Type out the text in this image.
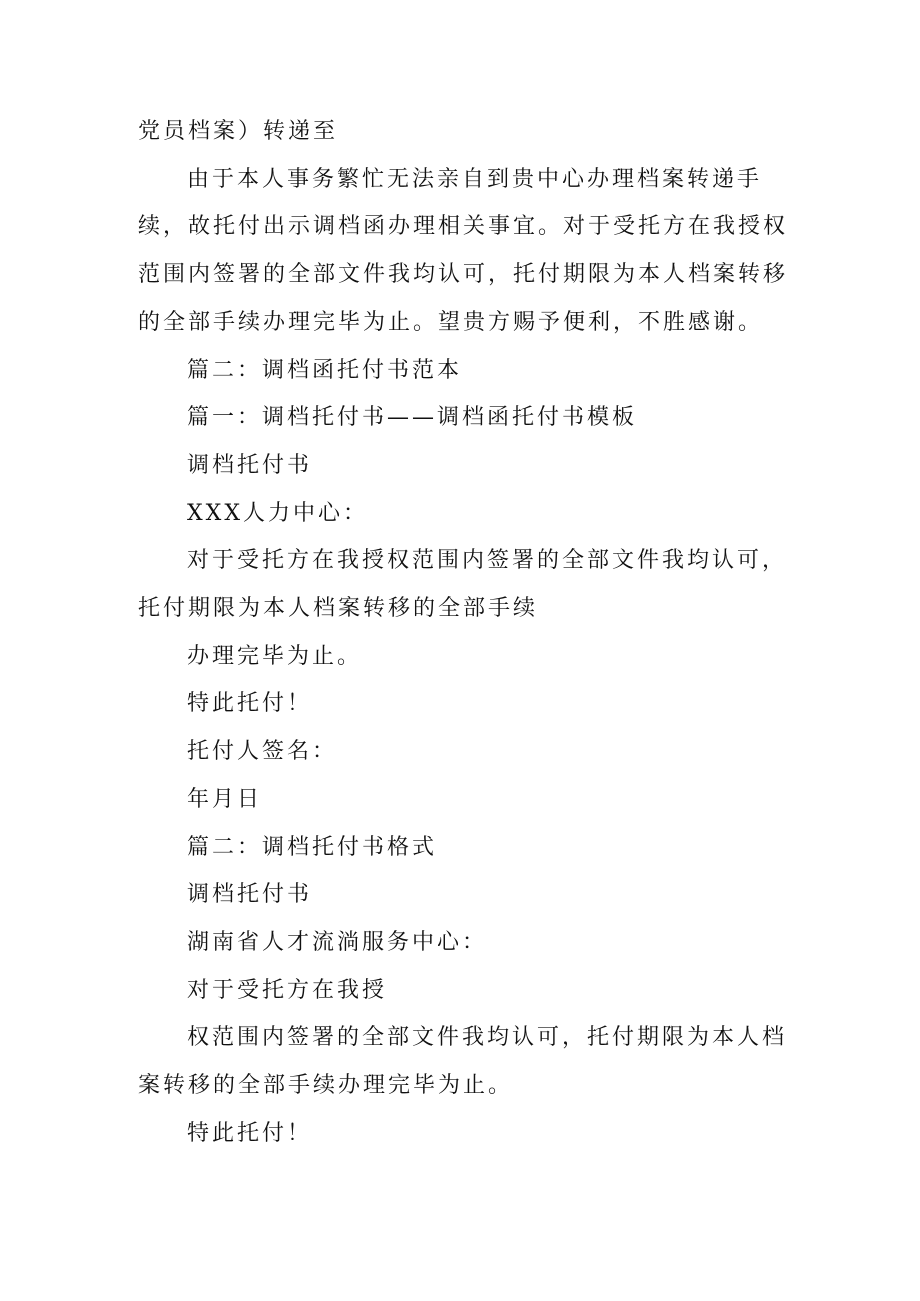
党员档案）转递至

由于本人事务繁忙无法亲自到贵中心办理档案转递手续，故托付出示调档函办理相关事宜。对于受托方在我授权范围内签署的全部文件我均认可，托付期限为本人档案转移的全部手续办理完毕为止。望贵方赐予便利，不胜感谢。

篇二：调档函托付书范本

篇一：调档托付书——调档函托付书模板

调档托付书

XXX人力中心：

对于受托方在我授权范围内签署的全部文件我均认可，托付期限为本人档案转移的全部手续

办理完毕为止。

特此托付！

托付人签名：

年月日

篇二：调档托付书格式

调档托付书

湖南省人才流淌服务中心：

对于受托方在我授

权范围内签署的全部文件我均认可，托付期限为本人档案转移的全部手续办理完毕为止。

特此托付！
